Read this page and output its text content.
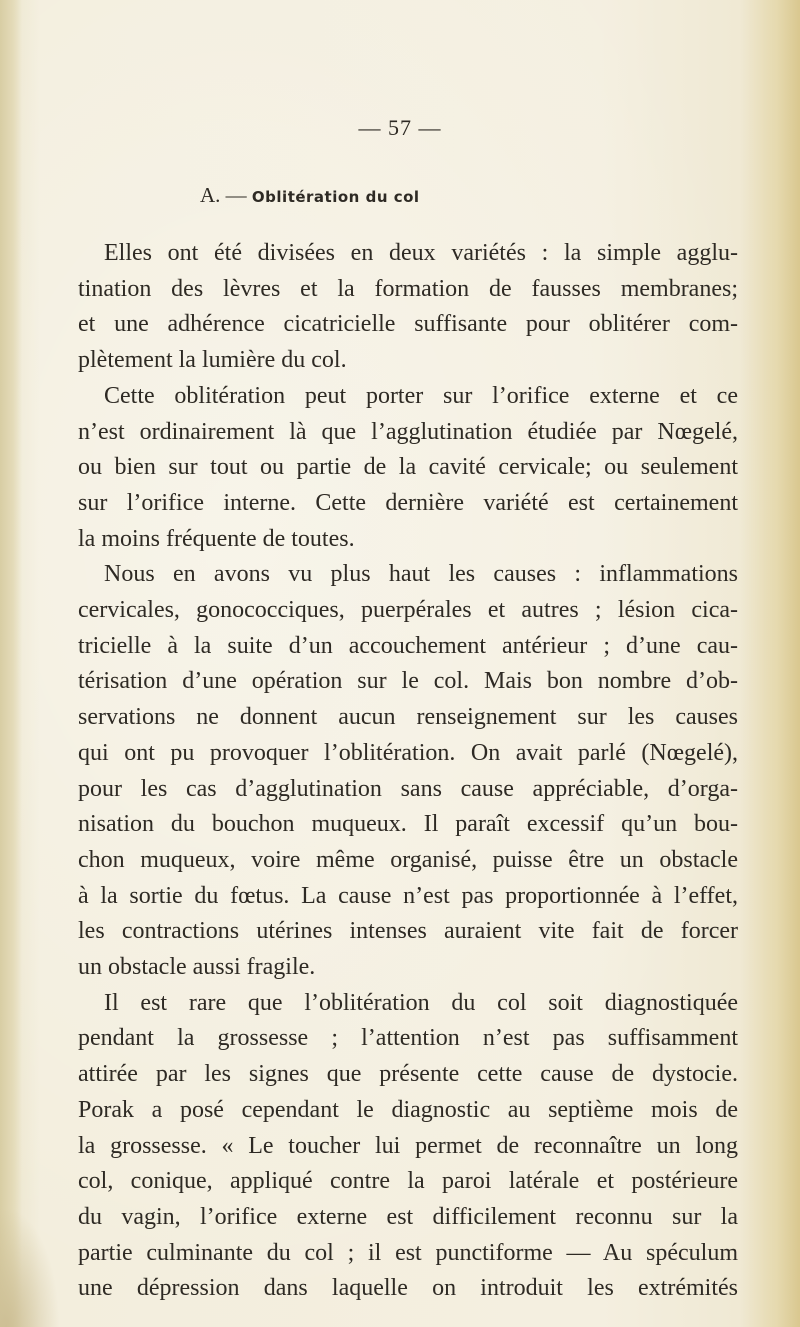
— 57 —
A. — Oblitération du col
Elles ont été divisées en deux variétés : la simple agglu-
tination des lèvres et la formation de fausses membranes;
et une adhérence cicatricielle suffisante pour oblitérer com-
plètement la lumière du col.
Cette oblitération peut porter sur l’orifice externe et ce
n’est ordinairement là que l’agglutination étudiée par Nœgelé,
ou bien sur tout ou partie de la cavité cervicale; ou seulement
sur l’orifice interne. Cette dernière variété est certainement
la moins fréquente de toutes.
Nous en avons vu plus haut les causes : inflammations
cervicales, gonococciques, puerpérales et autres ; lésion cica-
tricielle à la suite d’un accouchement antérieur ; d’une cau-
térisation d’une opération sur le col. Mais bon nombre d’ob-
servations ne donnent aucun renseignement sur les causes
qui ont pu provoquer l’oblitération. On avait parlé (Nœgelé),
pour les cas d’agglutination sans cause appréciable, d’orga-
nisation du bouchon muqueux. Il paraît excessif qu’un bou-
chon muqueux, voire même organisé, puisse être un obstacle
à la sortie du fœtus. La cause n’est pas proportionnée à l’effet,
les contractions utérines intenses auraient vite fait de forcer
un obstacle aussi fragile.
Il est rare que l’oblitération du col soit diagnostiquée
pendant la grossesse ; l’attention n’est pas suffisamment
attirée par les signes que présente cette cause de dystocie.
Porak a posé cependant le diagnostic au septième mois de
la grossesse. « Le toucher lui permet de reconnaître un long
col, conique, appliqué contre la paroi latérale et postérieure
du vagin, l’orifice externe est difficilement reconnu sur la
partie culminante du col ; il est punctiforme — Au spéculum
une dépression dans laquelle on introduit les extrémités
